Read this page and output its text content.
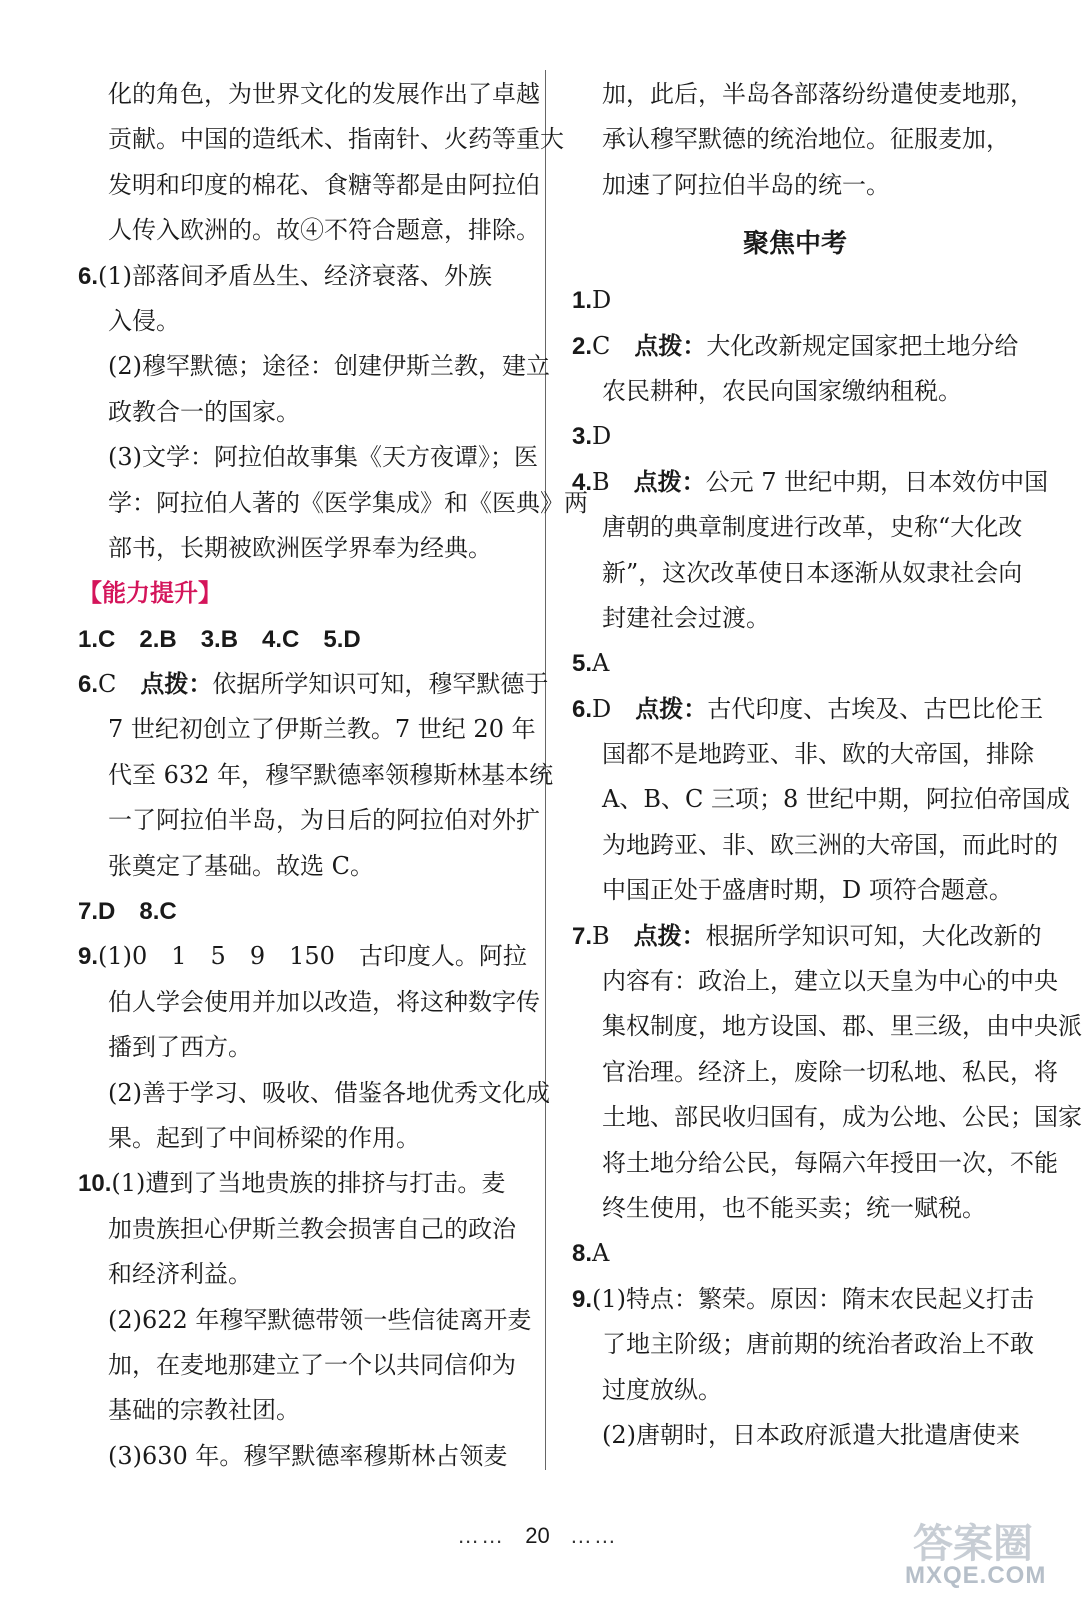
化的角色，为世界文化的发展作出了卓越
贡献。中国的造纸术、指南针、火药等重大
发明和印度的棉花、食糖等都是由阿拉伯
人传入欧洲的。故④不符合题意，排除。
6.(1)部落间矛盾丛生、经济衰落、外族
入侵。
(2)穆罕默德；途径：创建伊斯兰教，建立
政教合一的国家。
(3)文学：阿拉伯故事集《天方夜谭》；医
学：阿拉伯人著的《医学集成》和《医典》两
部书，长期被欧洲医学界奉为经典。
【能力提升】
1.C　2.B　3.B　4.C　5.D
6.C　点拨：依据所学知识可知，穆罕默德于
7 世纪初创立了伊斯兰教。7 世纪 20 年
代至 632 年，穆罕默德率领穆斯林基本统
一了阿拉伯半岛，为日后的阿拉伯对外扩
张奠定了基础。故选 C。
7.D　8.C
9.(1)0　1　5　9　150　古印度人。阿拉
伯人学会使用并加以改造，将这种数字传
播到了西方。
(2)善于学习、吸收、借鉴各地优秀文化成
果。起到了中间桥梁的作用。
10.(1)遭到了当地贵族的排挤与打击。麦
加贵族担心伊斯兰教会损害自己的政治
和经济利益。
(2)622 年穆罕默德带领一些信徒离开麦
加，在麦地那建立了一个以共同信仰为
基础的宗教社团。
(3)630 年。穆罕默德率穆斯林占领麦
加，此后，半岛各部落纷纷遣使麦地那，
承认穆罕默德的统治地位。征服麦加，
加速了阿拉伯半岛的统一。
聚焦中考
1.D
2.C　点拨：大化改新规定国家把土地分给
农民耕种，农民向国家缴纳租税。
3.D
4.B　点拨：公元 7 世纪中期，日本效仿中国
唐朝的典章制度进行改革，史称“大化改
新”，这次改革使日本逐渐从奴隶社会向
封建社会过渡。
5.A
6.D　点拨：古代印度、古埃及、古巴比伦王
国都不是地跨亚、非、欧的大帝国，排除
A、B、C 三项；8 世纪中期，阿拉伯帝国成
为地跨亚、非、欧三洲的大帝国，而此时的
中国正处于盛唐时期，D 项符合题意。
7.B　点拨：根据所学知识可知，大化改新的
内容有：政治上，建立以天皇为中心的中央
集权制度，地方设国、郡、里三级，由中央派
官治理。经济上，废除一切私地、私民，将
土地、部民收归国有，成为公地、公民；国家
将土地分给公民，每隔六年授田一次，不能
终生使用，也不能买卖；统一赋税。
8.A
9.(1)特点：繁荣。原因：隋末农民起义打击
了地主阶级；唐前期的统治者政治上不敢
过度放纵。
(2)唐朝时，日本政府派遣大批遣唐使来
…… 20 ……	答案圈
MXQE.COM
